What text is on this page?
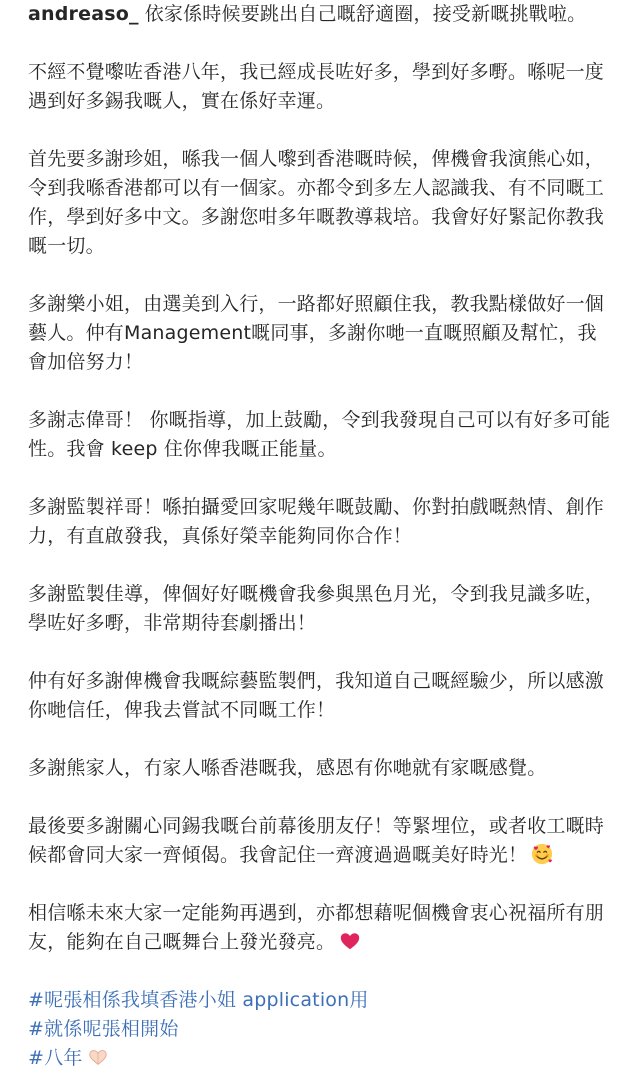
andreaso_ 依家係時候要跳出自己嘅舒適圈，接受新嘅挑戰啦。

不經不覺嚟咗香港八年，我已經成長咗好多，學到好多嘢。喺呢一度遇到好多錫我嘅人，實在係好幸運。

首先要多謝珍姐，喺我一個人嚟到香港嘅時候，俾機會我演熊心如，令到我喺香港都可以有一個家。亦都令到多左人認識我、有不同嘅工作，學到好多中文。多謝您咁多年嘅教導栽培。我會好好緊記你教我嘅一切。

多謝樂小姐，由選美到入行，一路都好照顧住我，教我點樣做好一個藝人。仲有Management嘅同事，多謝你哋一直嘅照顧及幫忙，我會加倍努力！

多謝志偉哥！ 你嘅指導，加上鼓勵，令到我發現自己可以有好多可能性。我會 keep 住你俾我嘅正能量。

多謝監製祥哥！喺拍攝愛回家呢幾年嘅鼓勵、你對拍戲嘅熱情、創作力，有直啟發我，真係好榮幸能夠同你合作！

多謝監製佳導，俾個好好嘅機會我參與黑色月光，令到我見識多咗，學咗好多嘢，非常期待套劇播出！

仲有好多謝俾機會我嘅綜藝監製們，我知道自己嘅經驗少，所以感激你哋信任，俾我去嘗試不同嘅工作！

多謝熊家人，冇家人喺香港嘅我，感恩有你哋就有家嘅感覺。

最後要多謝關心同錫我嘅台前幕後朋友仔！等緊埋位，或者收工嘅時候都會同大家一齊傾偈。我會記住一齊渡過過嘅美好時光！

相信喺未來大家一定能夠再遇到，亦都想藉呢個機會衷心祝福所有朋友，能夠在自己嘅舞台上發光發亮。

#呢張相係我填香港小姐 application用
#就係呢張相開始
#八年
